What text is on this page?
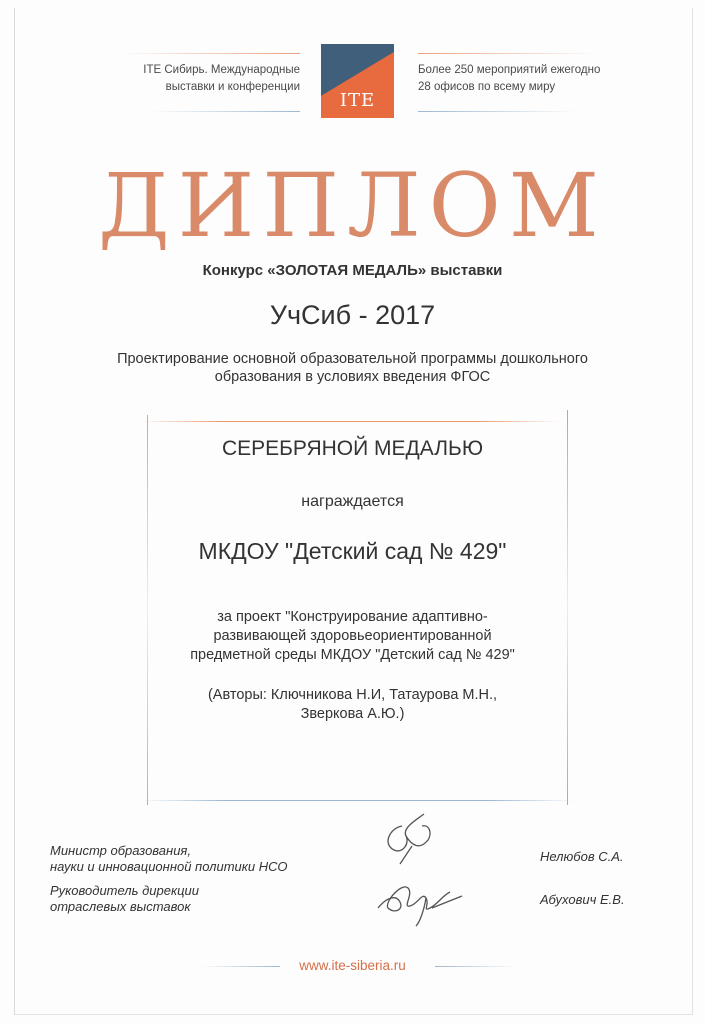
ITE Сибирь. Международные
выставки и конференции
ITE
Более 250 мероприятий ежегодно
28 офисов по всему миру
ДИПЛОМ
Конкурс «ЗОЛОТАЯ МЕДАЛЬ» выставки
УчСиб - 2017
Проектирование основной образовательной программы дошкольного
образования в условиях введения ФГОС
СЕРЕБРЯНОЙ МЕДАЛЬЮ
награждается
МКДОУ "Детский сад № 429"
за проект "Конструирование адаптивно-
развивающей здоровьеориентированной
предметной среды МКДОУ "Детский сад № 429"
(Авторы: Ключникова Н.И, Татаурова М.Н.,
Зверкова А.Ю.)
Министр образования,
науки и инновационной политики НСО
Нелюбов С.А.
Руководитель дирекции
отраслевых выставок	Абухович Е.В.
www.ite-siberia.ru
